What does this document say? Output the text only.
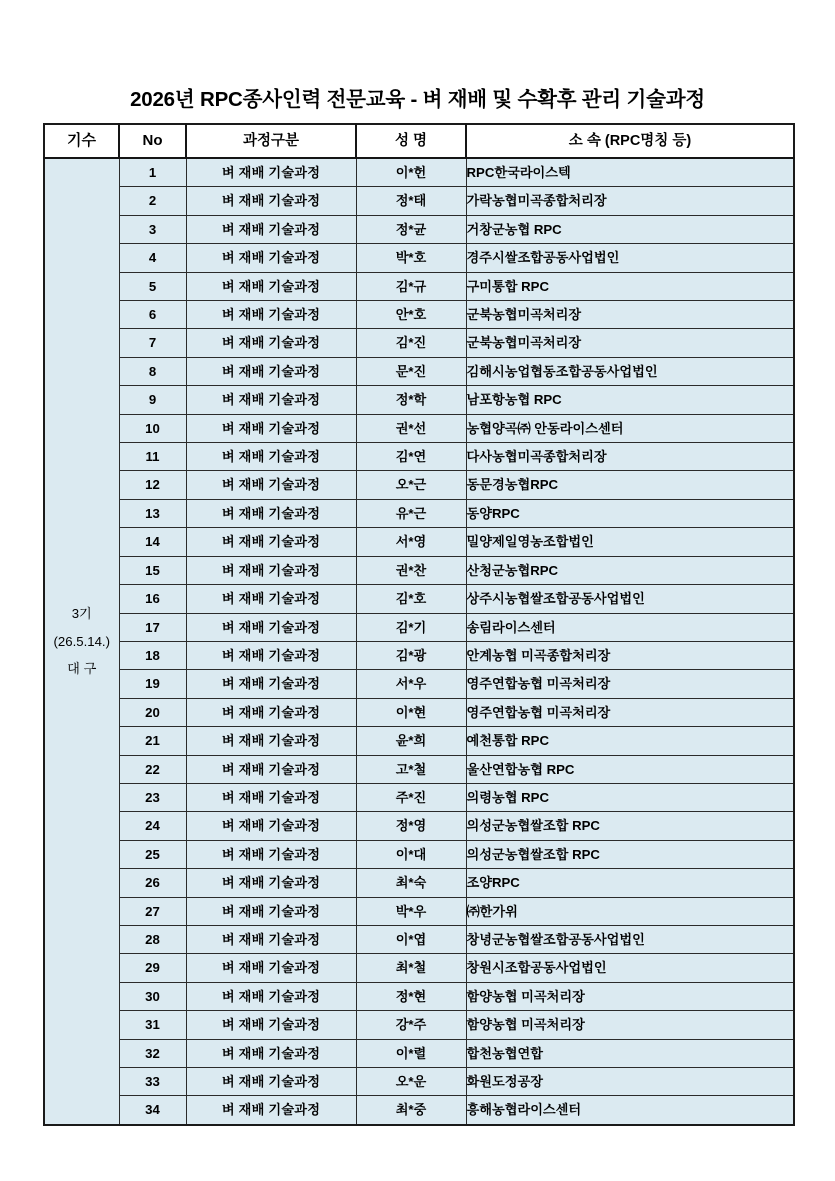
2026년 RPC종사인력 전문교육 - 벼 재배 및 수확후 관리 기술과정
기수	No	과정구분	성 명	소 속 (RPC명칭 등)

3기
(26.5.14.)
대 구	1	벼 재배 기술과정	이*헌	RPC한국라이스텍
	2	벼 재배 기술과정	정*태	가락농협미곡종합처리장
	3	벼 재배 기술과정	정*균	거창군농협 RPC
	4	벼 재배 기술과정	박*호	경주시쌀조합공동사업법인
	5	벼 재배 기술과정	김*규	구미통합 RPC
	6	벼 재배 기술과정	안*호	군북농협미곡처리장
	7	벼 재배 기술과정	김*진	군북농협미곡처리장
	8	벼 재배 기술과정	문*진	김해시농업협동조합공동사업법인
	9	벼 재배 기술과정	정*학	남포항농협 RPC
	10	벼 재배 기술과정	권*선	농협양곡㈜ 안동라이스센터
	11	벼 재배 기술과정	김*연	다사농협미곡종합처리장
	12	벼 재배 기술과정	오*근	동문경농협RPC
	13	벼 재배 기술과정	유*근	동양RPC
	14	벼 재배 기술과정	서*영	밀양제일영농조합법인
	15	벼 재배 기술과정	권*찬	산청군농협RPC
	16	벼 재배 기술과정	김*호	상주시농협쌀조합공동사업법인
	17	벼 재배 기술과정	김*기	송림라이스센터
	18	벼 재배 기술과정	김*광	안계농협 미곡종합처리장
	19	벼 재배 기술과정	서*우	영주연합농협 미곡처리장
	20	벼 재배 기술과정	이*현	영주연합농협 미곡처리장
	21	벼 재배 기술과정	윤*희	예천통합 RPC
	22	벼 재배 기술과정	고*철	울산연합농협 RPC
	23	벼 재배 기술과정	주*진	의령농협 RPC
	24	벼 재배 기술과정	정*영	의성군농협쌀조합 RPC
	25	벼 재배 기술과정	이*대	의성군농협쌀조합 RPC
	26	벼 재배 기술과정	최*숙	조양RPC
	27	벼 재배 기술과정	박*우	㈜한가위
	28	벼 재배 기술과정	이*엽	창녕군농협쌀조합공동사업법인
	29	벼 재배 기술과정	최*철	창원시조합공동사업법인
	30	벼 재배 기술과정	정*현	함양농협 미곡처리장
	31	벼 재배 기술과정	강*주	함양농협 미곡처리장
	32	벼 재배 기술과정	이*렬	합천농협연합
	33	벼 재배 기술과정	오*운	화원도정공장
	34	벼 재배 기술과정	최*중	흥해농협라이스센터
